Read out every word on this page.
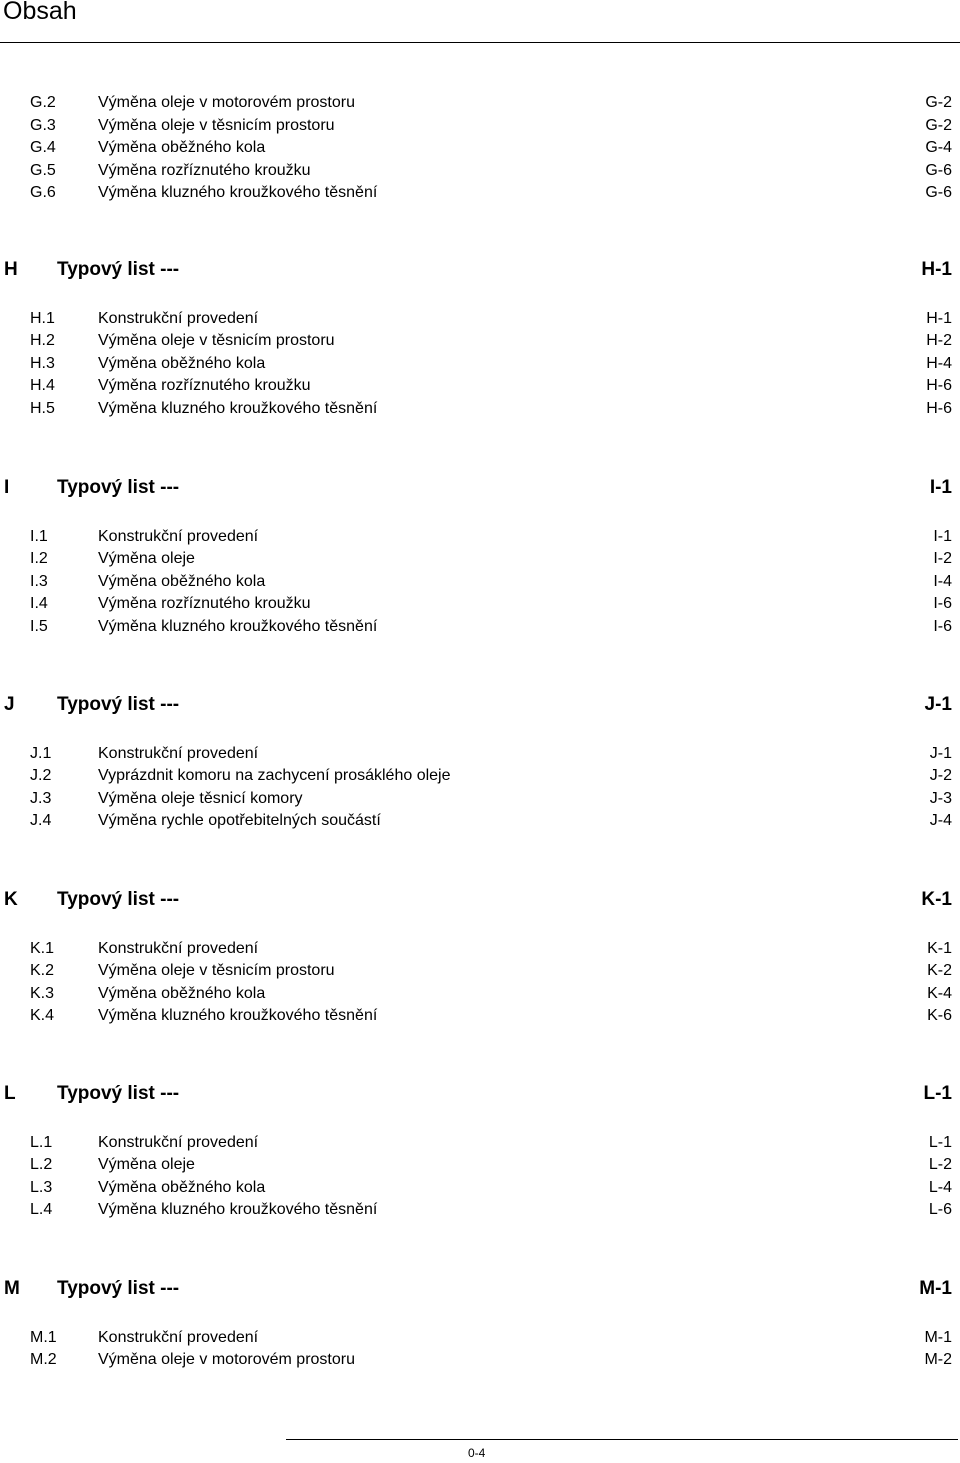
Obsah
G.2	Výměna oleje v motorovém prostoru	G-2
G.3	Výměna oleje v těsnicím prostoru	G-2
G.4	Výměna oběžného kola	G-4
G.5	Výměna rozříznutého kroužku	G-6
G.6	Výměna kluzného kroužkového těsnění	G-6
H Typový list ---	H-1
H.1	Konstrukční provedení	H-1
H.2	Výměna oleje v těsnicím prostoru	H-2
H.3	Výměna oběžného kola	H-4
H.4	Výměna rozříznutého kroužku	H-6
H.5	Výměna kluzného kroužkového těsnění	H-6
I	Typový list ---	I-1
I.1	Konstrukční provedení	I-1
I.2	Výměna oleje	I-2
I.3	Výměna oběžného kola	I-4
I.4	Výměna rozříznutého kroužku	I-6
I.5	Výměna kluzného kroužkového těsnění	I-6
J Typový list ---	J-1
J.1	Konstrukční provedení	J-1
J.2	Vyprázdnit komoru na zachycení prosáklého oleje	J-2
J.3	Výměna oleje těsnicí komory	J-3
J.4	Výměna rychle opotřebitelných součástí	J-4
K Typový list ---	K-1
K.1	Konstrukční provedení	K-1
K.2	Výměna oleje v těsnicím prostoru	K-2
K.3	Výměna oběžného kola	K-4
K.4	Výměna kluzného kroužkového těsnění	K-6
L Typový list ---	L-1
L.1	Konstrukční provedení	L-1
L.2	Výměna oleje	L-2
L.3	Výměna oběžného kola	L-4
L.4	Výměna kluzného kroužkového těsnění	L-6
M Typový list ---	M-1
M.1	Konstrukční provedení	M-1
M.2	Výměna oleje v motorovém prostoru	M-2
0-4
